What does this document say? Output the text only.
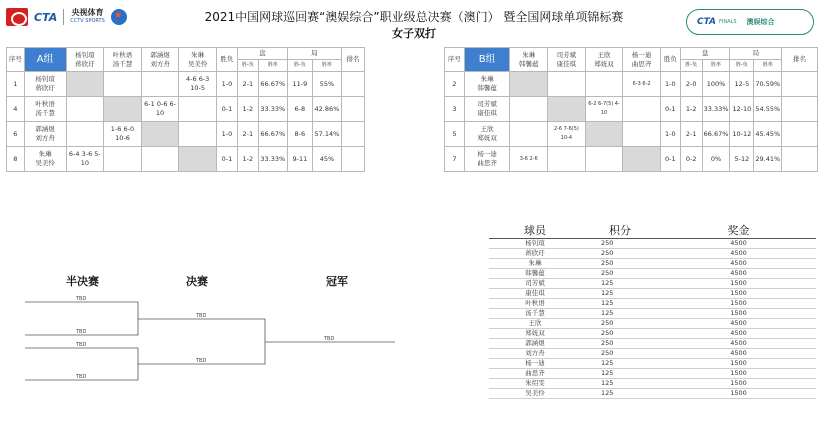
CTA 央视体育
CCTV SPORTS ★	2021中国网球巡回赛“澳娱综合”职业级总决赛（澳门） 暨全国网球单项锦标赛
女子双打
CTA FINALS 澳娱综合
序号	A组	杨钊瑄
蒋欣玗	叶秋语
汤千慧	郭涵煜
刘方舟	朱琳
吴美怜	胜负	盘		局		排名
							胜-负	胜率	胜-负	胜率	
1	杨钊瑄
蒋欣玗				4-6 6-3 10-5	1-0	2-1	66.67%	11-9	55%	
4	叶秋语
汤千慧			6-1 0-6 6-10		0-1	1-2	33.33%	6-8	42.86%	
6	郭涵煜
刘方舟		1-6 6-0 10-6			1-0	2-1	66.67%	8-6	57.14%	
8	朱琳
吴美怜	6-4 3-6 5-10				0-1	1-2	33.33%	9-11	45%	
序号	B组	朱琳
韩馨蕴	司芳斌
康佳琪	王欣
郑妩双	杨一迪
曲思齐	胜负	盘		局		排名
							胜-负	胜率	胜-负	胜率	
2	朱琳
韩馨蕴				6-3 6-2	1-0	2-0	100%	12-5	70.59%	
3	司芳斌
康佳琪			6-2 6-7(5) 4-10		0-1	1-2	33.33%	12-10	54.55%	
5	王欣
郑妩双		2-6 7-6(5) 10-4			1-0	2-1	66.67%	10-12	45.45%	
7	杨一迪
曲思齐	3-6 2-6				0-1	0-2	0%	5-12	29.41%	
半决赛	决赛	冠军
TBD
TBD
TBD
TBD
TBD
TBD
TBD
球员	积分	奖金
杨钊瑄	250	4500
蒋欣玗	250	4500
朱琳	250	4500
韩馨蕴	250	4500
司芳斌	125	1500
康佳琪	125	1500
叶秋语	125	1500
汤千慧	125	1500
王欣	250	4500
郑妩双	250	4500
郭涵煜	250	4500
刘方舟	250	4500
杨一迪	125	1500
曲思齐	125	1500
朱绍雯	125	1500
吴美怜	125	1500
